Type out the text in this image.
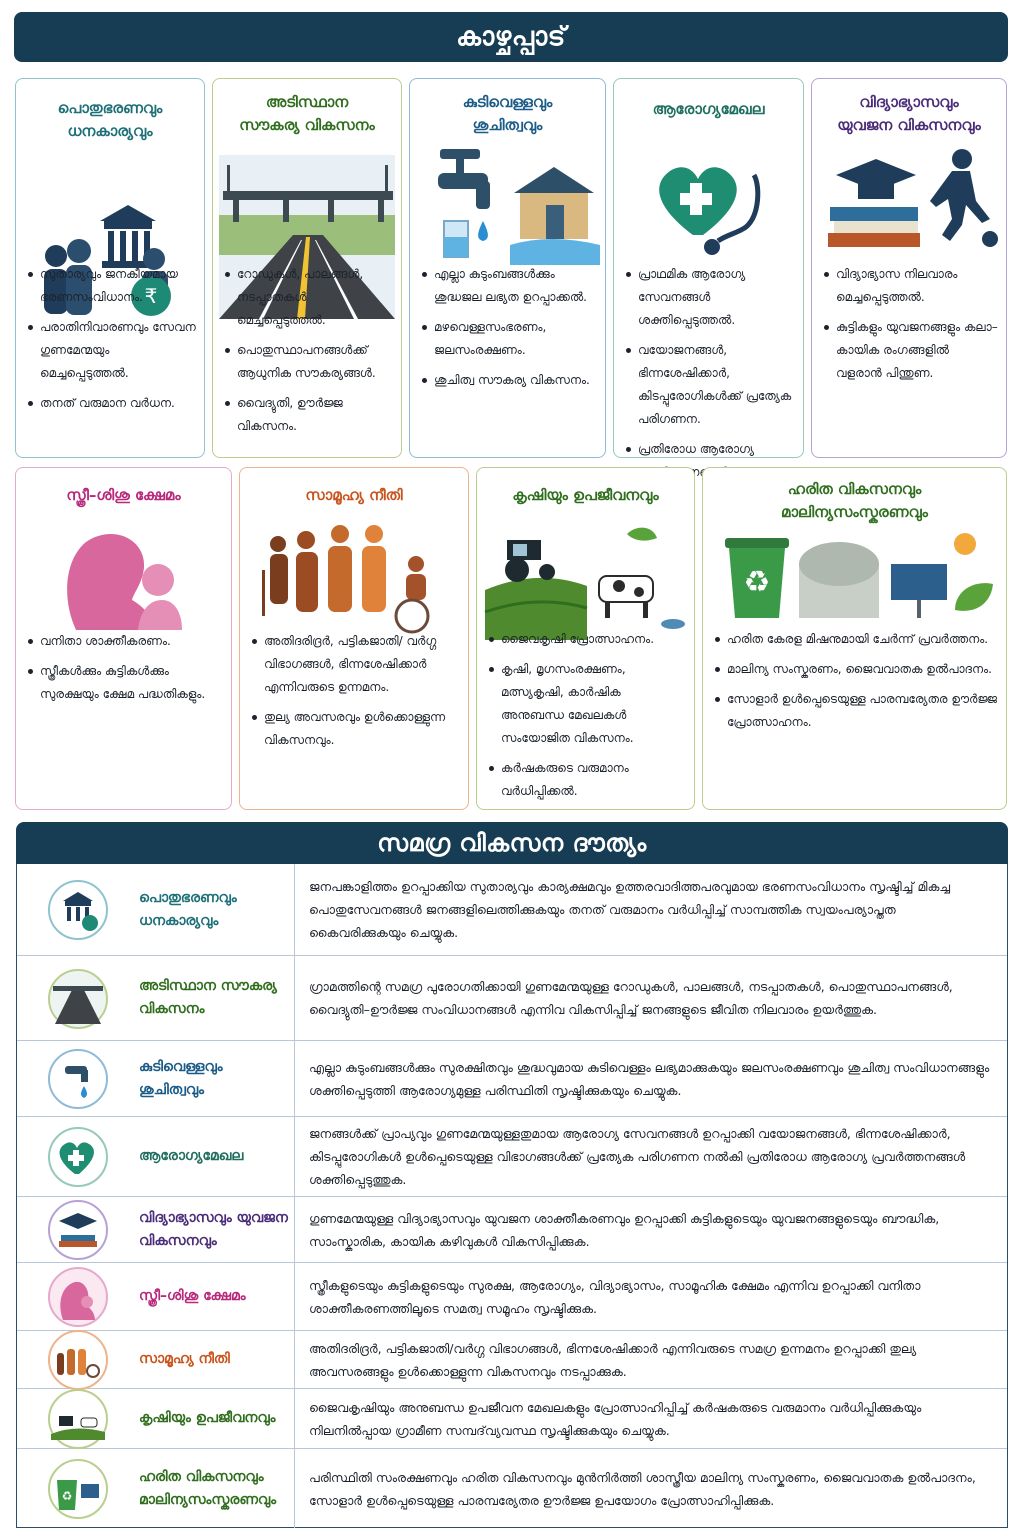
കാഴ്ചപ്പാട്
പൊതുഭരണവും
ധനകാര്യവും
₹
സുതാര്യവും ജനകീയമായ ഭരണസംവിധാനം.
പരാതിനിവാരണവും സേവന ഗുണമേന്മയും മെച്ചപ്പെടുത്തൽ.
തനത് വരുമാന വർധന.
അടിസ്ഥാന
സൗകര്യ വികസനം
റോഡുകൾ, പാലങ്ങൾ, നടപ്പാതകൾ മെച്ചപ്പെടുത്തൽ.
പൊതുസ്ഥാപനങ്ങൾക്ക് ആധുനിക സൗകര്യങ്ങൾ.
വൈദ്യുതി, ഊർജ്ജ വികസനം.
കുടിവെള്ളവും
ശുചിത്വവും
എല്ലാ കുടുംബങ്ങൾക്കും ശുദ്ധജല ലഭ്യത ഉറപ്പാക്കൽ.
മഴവെള്ളസംഭരണം, ജലസംരക്ഷണം.
ശുചിത്വ സൗകര്യ വികസനം.
ആരോഗ്യമേഖല
പ്രാഥമിക ആരോഗ്യ സേവനങ്ങൾ ശക്തിപ്പെടുത്തൽ.
വയോജനങ്ങൾ, ഭിന്നശേഷിക്കാർ, കിടപ്പുരോഗികൾക്ക് പ്രത്യേക പരിഗണന.
പ്രതിരോധ ആരോഗ്യ
വിദ്യാഭ്യാസവും
യുവജന വികസനവും
വിദ്യാഭ്യാസ നിലവാരം മെച്ചപ്പെടുത്തൽ.
കുട്ടികളും യുവജനങ്ങളും കലാ–കായിക രംഗങ്ങളിൽ വളരാൻ പിന്തുണ.
സ്ത്രീ–ശിശു ക്ഷേമം
വനിതാ ശാക്തീകരണം.
സ്ത്രീകൾക്കും കുട്ടികൾക്കും സുരക്ഷയും ക്ഷേമ പദ്ധതികളും.
സാമൂഹ്യ നീതി
അതിദരിദ്രർ, പട്ടികജാതി/ വർഗ്ഗ വിഭാഗങ്ങൾ, ഭിന്നശേഷിക്കാർ എന്നിവരുടെ ഉന്നമനം.
തുല്യ അവസരവും ഉൾക്കൊള്ളുന്ന വികസനവും.
കൃഷിയും ഉപജീവനവും
ജൈവകൃഷി പ്രോത്സാഹനം.
കൃഷി, മൃഗസംരക്ഷണം, മത്സ്യകൃഷി, കാർഷിക അനുബന്ധ മേഖലകൾ സംയോജിത വികസനം.
കർഷകരുടെ വരുമാനം വർധിപ്പിക്കൽ.
ഹരിത വികസനവും
മാലിന്യസംസ്കരണവും
♻
ഹരിത കേരള മിഷനുമായി ചേർന്ന് പ്രവർത്തനം.
മാലിന്യ സംസ്കരണം, ജൈവവാതക ഉൽപാദനം.
സോളാർ ഉൾപ്പെടെയുള്ള പാരമ്പര്യേതര ഊർജ്ജ പ്രോത്സാഹനം.
സമഗ്ര വികസന ദൗത്യം
പൊതുഭരണവും ധനകാര്യവും
ജനപങ്കാളിത്തം ഉറപ്പാക്കിയ സുതാര്യവും കാര്യക്ഷമവും ഉത്തരവാദിത്തപരവുമായ ഭരണസംവിധാനം സൃഷ്ടിച്ച് മികച്ച പൊതുസേവനങ്ങൾ ജനങ്ങളിലെത്തിക്കുകയും തനത് വരുമാനം വർധിപ്പിച്ച് സാമ്പത്തിക സ്വയംപര്യാപ്തത കൈവരിക്കുകയും ചെയ്യുക.
അടിസ്ഥാന സൗകര്യ വികസനം
ഗ്രാമത്തിന്റെ സമഗ്ര പുരോഗതിക്കായി ഗുണമേന്മയുള്ള റോഡുകൾ, പാലങ്ങൾ, നടപ്പാതകൾ, പൊതുസ്ഥാപനങ്ങൾ, വൈദ്യുതി–ഊർജ്ജ സംവിധാനങ്ങൾ എന്നിവ വികസിപ്പിച്ച് ജനങ്ങളുടെ ജീവിത നിലവാരം ഉയർത്തുക.
കുടിവെള്ളവും ശുചിത്വവും
എല്ലാ കുടുംബങ്ങൾക്കും സുരക്ഷിതവും ശുദ്ധവുമായ കുടിവെള്ളം ലഭ്യമാക്കുകയും ജലസംരക്ഷണവും ശുചിത്വ സംവിധാനങ്ങളും ശക്തിപ്പെടുത്തി ആരോഗ്യമുള്ള പരിസ്ഥിതി സൃഷ്ടിക്കുകയും ചെയ്യുക.
ആരോഗ്യമേഖല
ജനങ്ങൾക്ക് പ്രാപ്യവും ഗുണമേന്മയുള്ളതുമായ ആരോഗ്യ സേവനങ്ങൾ ഉറപ്പാക്കി വയോജനങ്ങൾ, ഭിന്നശേഷിക്കാർ, കിടപ്പുരോഗികൾ ഉൾപ്പെടെയുള്ള വിഭാഗങ്ങൾക്ക് പ്രത്യേക പരിഗണന നൽകി പ്രതിരോധ ആരോഗ്യ പ്രവർത്തനങ്ങൾ ശക്തിപ്പെടുത്തുക.
വിദ്യാഭ്യാസവും യുവജന വികസനവും
ഗുണമേന്മയുള്ള വിദ്യാഭ്യാസവും യുവജന ശാക്തീകരണവും ഉറപ്പാക്കി കുട്ടികളുടെയും യുവജനങ്ങളുടെയും ബൗദ്ധിക, സാംസ്കാരിക, കായിക കഴിവുകൾ വികസിപ്പിക്കുക.
സ്ത്രീ–ശിശു ക്ഷേമം
സ്ത്രീകളുടെയും കുട്ടികളുടെയും സുരക്ഷ, ആരോഗ്യം, വിദ്യാഭ്യാസം, സാമൂഹിക ക്ഷേമം എന്നിവ ഉറപ്പാക്കി വനിതാ ശാക്തീകരണത്തിലൂടെ സമത്വ സമൂഹം സൃഷ്ടിക്കുക.
സാമൂഹ്യ നീതി
അതിദരിദ്രർ, പട്ടികജാതി/വർഗ്ഗ വിഭാഗങ്ങൾ, ഭിന്നശേഷിക്കാർ എന്നിവരുടെ സമഗ്ര ഉന്നമനം ഉറപ്പാക്കി തുല്യ അവസരങ്ങളും ഉൾക്കൊള്ളുന്ന വികസനവും നടപ്പാക്കുക.
കൃഷിയും ഉപജീവനവും
ജൈവകൃഷിയും അനുബന്ധ ഉപജീവന മേഖലകളും പ്രോത്സാഹിപ്പിച്ച് കർഷകരുടെ വരുമാനം വർധിപ്പിക്കുകയും നിലനിൽപ്പായ ഗ്രാമീണ സമ്പദ്‌വ്യവസ്ഥ സൃഷ്ടിക്കുകയും ചെയ്യുക.
♻
ഹരിത വികസനവും മാലിന്യസംസ്കരണവും
പരിസ്ഥിതി സംരക്ഷണവും ഹരിത വികസനവും മുൻനിർത്തി ശാസ്ത്രീയ മാലിന്യ സംസ്കരണം, ജൈവവാതക ഉൽപാദനം, സോളാർ ഉൾപ്പെടെയുള്ള പാരമ്പര്യേതര ഊർജ്ജ ഉപയോഗം പ്രോത്സാഹിപ്പിക്കുക.
